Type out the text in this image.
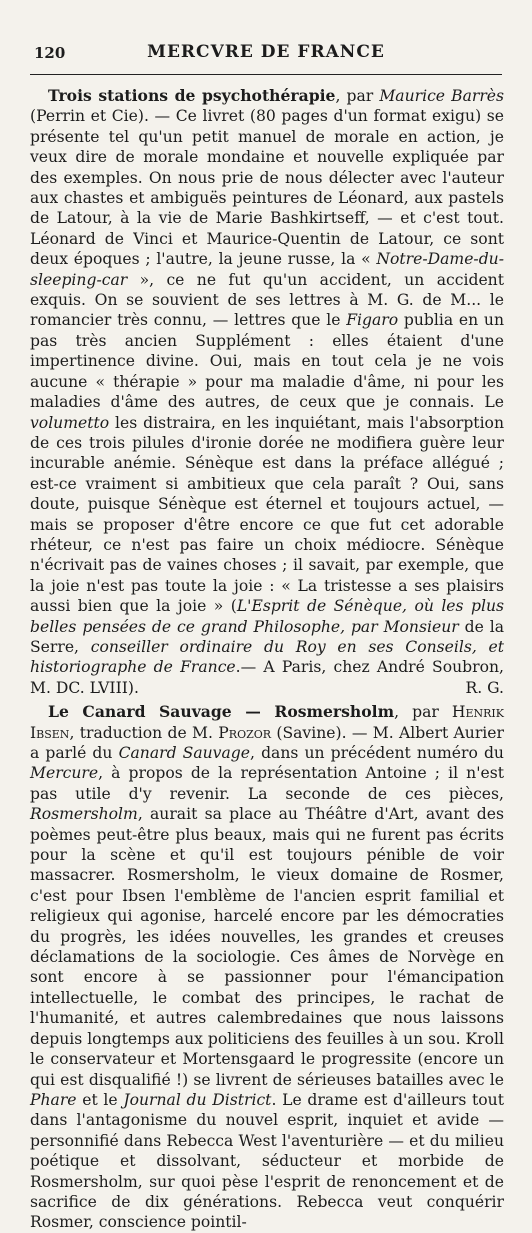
120	MERCVRE DE FRANCE

Trois stations de psychothérapie, par Maurice Barrès (Perrin et Cie). — Ce livret (80 pages d'un format exigu) se présente tel qu'un petit manuel de morale en action, je veux dire de morale mondaine et nouvelle expliquée par des exemples. On nous prie de nous délecter avec l'auteur aux chastes et ambiguës peintures de Léonard, aux pastels de Latour, à la vie de Marie Bashkirtseff, — et c'est tout. Léonard de Vinci et Maurice-Quentin de Latour, ce sont deux époques ; l'autre, la jeune russe, la « Notre-Dame-du-sleeping-car », ce ne fut qu'un accident, un accident exquis. On se souvient de ses lettres à M. G. de M... le romancier très connu, — lettres que le Figaro publia en un pas très ancien Supplément : elles étaient d'une impertinence divine. Oui, mais en tout cela je ne vois aucune « thérapie » pour ma maladie d'âme, ni pour les maladies d'âme des autres, de ceux que je connais. Le volumetto les distraira, en les inquiétant, mais l'absorption de ces trois pilules d'ironie dorée ne modifiera guère leur incurable anémie. Sénèque est dans la préface allégué ; est-ce vraiment si ambitieux que cela paraît ? Oui, sans doute, puisque Sénèque est éternel et toujours actuel, — mais se proposer d'être encore ce que fut cet adorable rhéteur, ce n'est pas faire un choix médiocre. Sénèque n'écrivait pas de vaines choses ; il savait, par exemple, que la joie n'est pas toute la joie : « La tristesse a ses plaisirs aussi bien que la joie » (L'Esprit de Sénèque, où les plus belles pensées de ce grand Philosophe, par Monsieur de la Serre, conseiller ordinaire du Roy en ses Conseils, et historiographe de France.— A Paris, chez André Soubron, M. DC. LVIII).	R. G.

Le Canard Sauvage — Rosmersholm, par Henrik Ibsen, traduction de M. Prozor (Savine). — M. Albert Aurier a parlé du Canard Sauvage, dans un précédent numéro du Mercure, à propos de la représentation Antoine ; il n'est pas utile d'y revenir. La seconde de ces pièces, Rosmersholm, aurait sa place au Théâtre d'Art, avant des poèmes peut-être plus beaux, mais qui ne furent pas écrits pour la scène et qu'il est toujours pénible de voir massacrer. Rosmersholm, le vieux domaine de Rosmer, c'est pour Ibsen l'emblème de l'ancien esprit familial et religieux qui agonise, harcelé encore par les démocraties du progrès, les idées nouvelles, les grandes et creuses déclamations de la sociologie. Ces âmes de Norvège en sont encore à se passionner pour l'émancipation intellectuelle, le combat des principes, le rachat de l'humanité, et autres calembredaines que nous laissons depuis longtemps aux politiciens des feuilles à un sou. Kroll le conservateur et Mortensgaard le progressite (encore un qui est disqualifié !) se livrent de sérieuses batailles avec le Phare et le Journal du District. Le drame est d'ailleurs tout dans l'antagonisme du nouvel esprit, inquiet et avide — personnifié dans Rebecca West l'aventurière — et du milieu poétique et dissolvant, séducteur et morbide de Rosmersholm, sur quoi pèse l'esprit de renoncement et de sacrifice de dix générations. Rebecca veut conquérir Rosmer, conscience pointil-
